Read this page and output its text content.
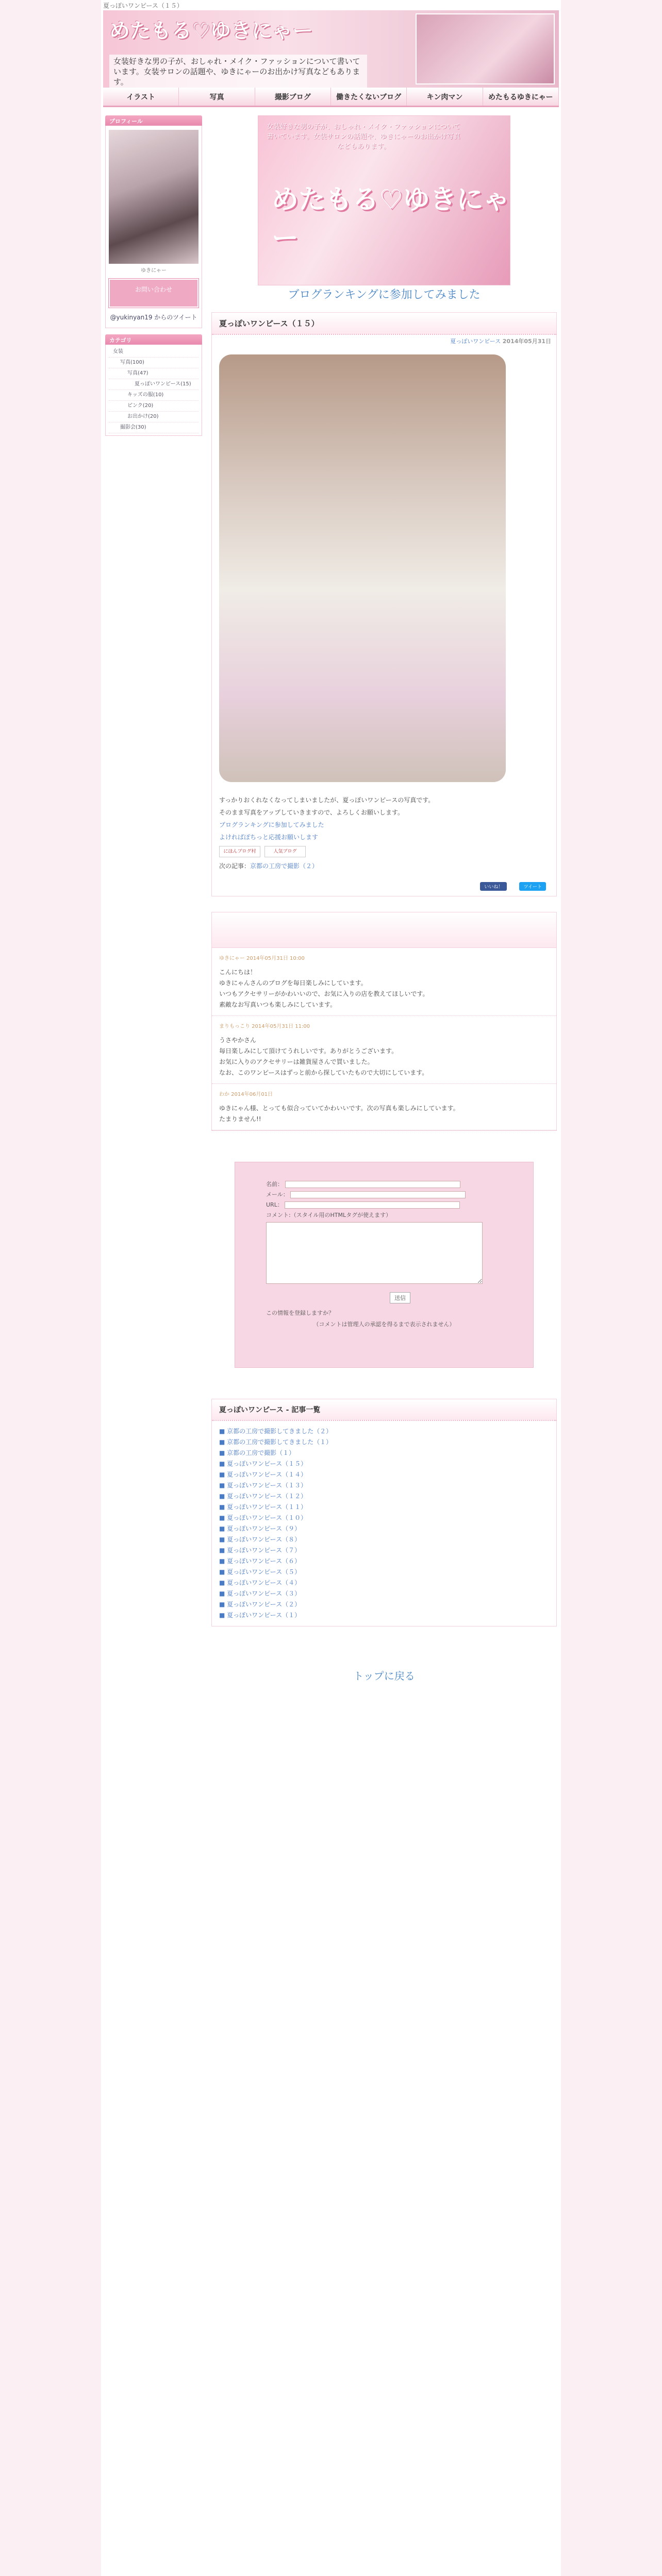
夏っぽいワンピース（１５）
めたもる♡ゆきにゃー
女装好きな男の子が、おしゃれ・メイク・ファッションについて書いています。女装サロンの話題や、ゆきにゃーのお出かけ写真などもあります。
イラスト	写真	撮影ブログ	働きたくないブログ	キン肉マン	めたもるゆきにゃー
プロフィール
ゆきにゃー
お問い合わせ
@yukinyan19 からのツイート
カテゴリ
女装
写真(100)
写真(47)
夏っぽいワンピース(15)
キッズの服(10)
ピンク(20)
お出かけ(20)
撮影会(30)
女装好きな男の子が、おしゃれ・メイク・ファッションについて書いています。女装サロンの話題や、ゆきにゃーのお出かけ写真などもあります。
めたもる♡ゆきにゃー
ブログランキングに参加してみました
夏っぽいワンピース（１５）
夏っぽいワンピース 2014年05月31日

すっかりおくれなくなってしまいましたが、夏っぽいワンピースの写真です。

そのまま写真をアップしていきますので、よろしくお願いします。

ブログランキングに参加してみました

よければぽちっと応援お願いします

にほんブログ村	人気ブログ

次の記事：京都の工房で撮影（２）

いいね！	ツイート
ゆきにゃー 2014年05月31日 10:00

こんにちは！

ゆきにゃんさんのブログを毎日楽しみにしています。

いつもアクセサリーがかわいいので、お気に入りの店を教えてほしいです。

素敵なお写真いつも楽しみにしています。

まりもっこり 2014年05月31日 11:00

うさやかさん

毎日楽しみにして頂けてうれしいです。ありがとうございます。

お気に入りのアクセサリーは雑貨屋さんで買いました。

なお、このワンピースはずっと前から探していたもので大切にしています。

わか 2014年06月01日

ゆきにゃん様、とっても似合っていてかわいいです。次の写真も楽しみにしています。

たまりません!!

名前：
メール：
URL：
コメント:（スタイル用のHTMLタグが使えます）
送信
この情報を登録しますか？
（コメントは管理人の承認を得るまで表示されません）
夏っぽいワンピース - 記事一覧
■ 京都の工房で撮影してきました（２）
■ 京都の工房で撮影してきました（１）
■ 京都の工房で撮影（１）
■ 夏っぽいワンピース（１５）
■ 夏っぽいワンピース（１４）
■ 夏っぽいワンピース（１３）
■ 夏っぽいワンピース（１２）
■ 夏っぽいワンピース（１１）
■ 夏っぽいワンピース（１０）
■ 夏っぽいワンピース（９）
■ 夏っぽいワンピース（８）
■ 夏っぽいワンピース（７）
■ 夏っぽいワンピース（６）
■ 夏っぽいワンピース（５）
■ 夏っぽいワンピース（４）
■ 夏っぽいワンピース（３）
■ 夏っぽいワンピース（２）
■ 夏っぽいワンピース（１）
トップに戻る
